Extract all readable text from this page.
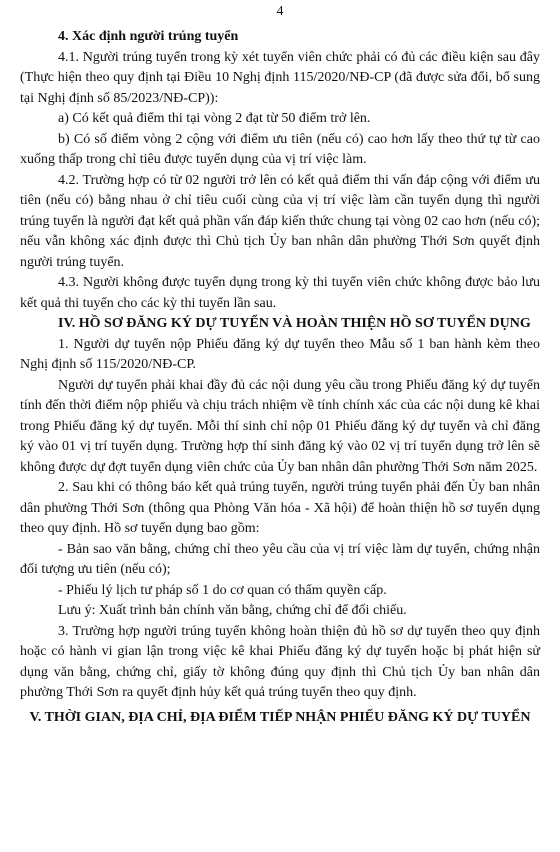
4

4. Xác định người trúng tuyển

4.1. Người trúng tuyển trong kỳ xét tuyển viên chức phải có đủ các điều kiện sau đây (Thực hiện theo quy định tại Điều 10 Nghị định 115/2020/NĐ-CP (đã được sửa đổi, bổ sung tại Nghị định số 85/2023/NĐ-CP)):

a) Có kết quả điểm thi tại vòng 2 đạt từ 50 điểm trở lên.

b) Có số điểm vòng 2 cộng với điểm ưu tiên (nếu có) cao hơn lấy theo thứ tự từ cao xuống thấp trong chỉ tiêu được tuyển dụng của vị trí việc làm.

4.2. Trường hợp có từ 02 người trở lên có kết quả điểm thi vấn đáp cộng với điểm ưu tiên (nếu có) bằng nhau ở chỉ tiêu cuối cùng của vị trí việc làm cần tuyển dụng thì người trúng tuyển là người đạt kết quả phần vấn đáp kiến thức chung tại vòng 02 cao hơn (nếu có); nếu vẫn không xác định được thì Chủ tịch Ủy ban nhân dân phường Thới Sơn quyết định người trúng tuyển.

4.3. Người không được tuyển dụng trong kỳ thi tuyển viên chức không được bảo lưu kết quả thi tuyển cho các kỳ thi tuyển lần sau.

IV. HỒ SƠ ĐĂNG KÝ DỰ TUYỂN VÀ HOÀN THIỆN HỒ SƠ TUYỂN DỤNG

1. Người dự tuyển nộp Phiếu đăng ký dự tuyển theo Mẫu số 1 ban hành kèm theo Nghị định số 115/2020/NĐ-CP.

Người dự tuyển phải khai đầy đủ các nội dung yêu cầu trong Phiếu đăng ký dự tuyển tính đến thời điểm nộp phiếu và chịu trách nhiệm về tính chính xác của các nội dung kê khai trong Phiếu đăng ký dự tuyển. Mỗi thí sinh chỉ nộp 01 Phiếu đăng ký dự tuyển và chỉ đăng ký vào 01 vị trí tuyển dụng. Trường hợp thí sinh đăng ký vào 02 vị trí tuyển dụng trở lên sẽ không được dự đợt tuyển dụng viên chức của Ủy ban nhân dân phường Thới Sơn năm 2025.

2. Sau khi có thông báo kết quả trúng tuyển, người trúng tuyển phải đến Ủy ban nhân dân phường Thới Sơn (thông qua Phòng Văn hóa - Xã hội) để hoàn thiện hồ sơ tuyển dụng theo quy định. Hồ sơ tuyển dụng bao gồm:

- Bản sao văn bằng, chứng chỉ theo yêu cầu của vị trí việc làm dự tuyển, chứng nhận đối tượng ưu tiên (nếu có);

- Phiếu lý lịch tư pháp số 1 do cơ quan có thẩm quyền cấp.

Lưu ý: Xuất trình bản chính văn bằng, chứng chỉ để đối chiếu.

3. Trường hợp người trúng tuyển không hoàn thiện đủ hồ sơ dự tuyển theo quy định hoặc có hành vi gian lận trong việc kê khai Phiếu đăng ký dự tuyển hoặc bị phát hiện sử dụng văn bằng, chứng chỉ, giấy tờ không đúng quy định thì Chủ tịch Ủy ban nhân dân phường Thới Sơn ra quyết định hủy kết quả trúng tuyển theo quy định.

V. THỜI GIAN, ĐỊA CHỈ, ĐỊA ĐIỂM TIẾP NHẬN PHIẾU ĐĂNG KÝ DỰ TUYỂN
